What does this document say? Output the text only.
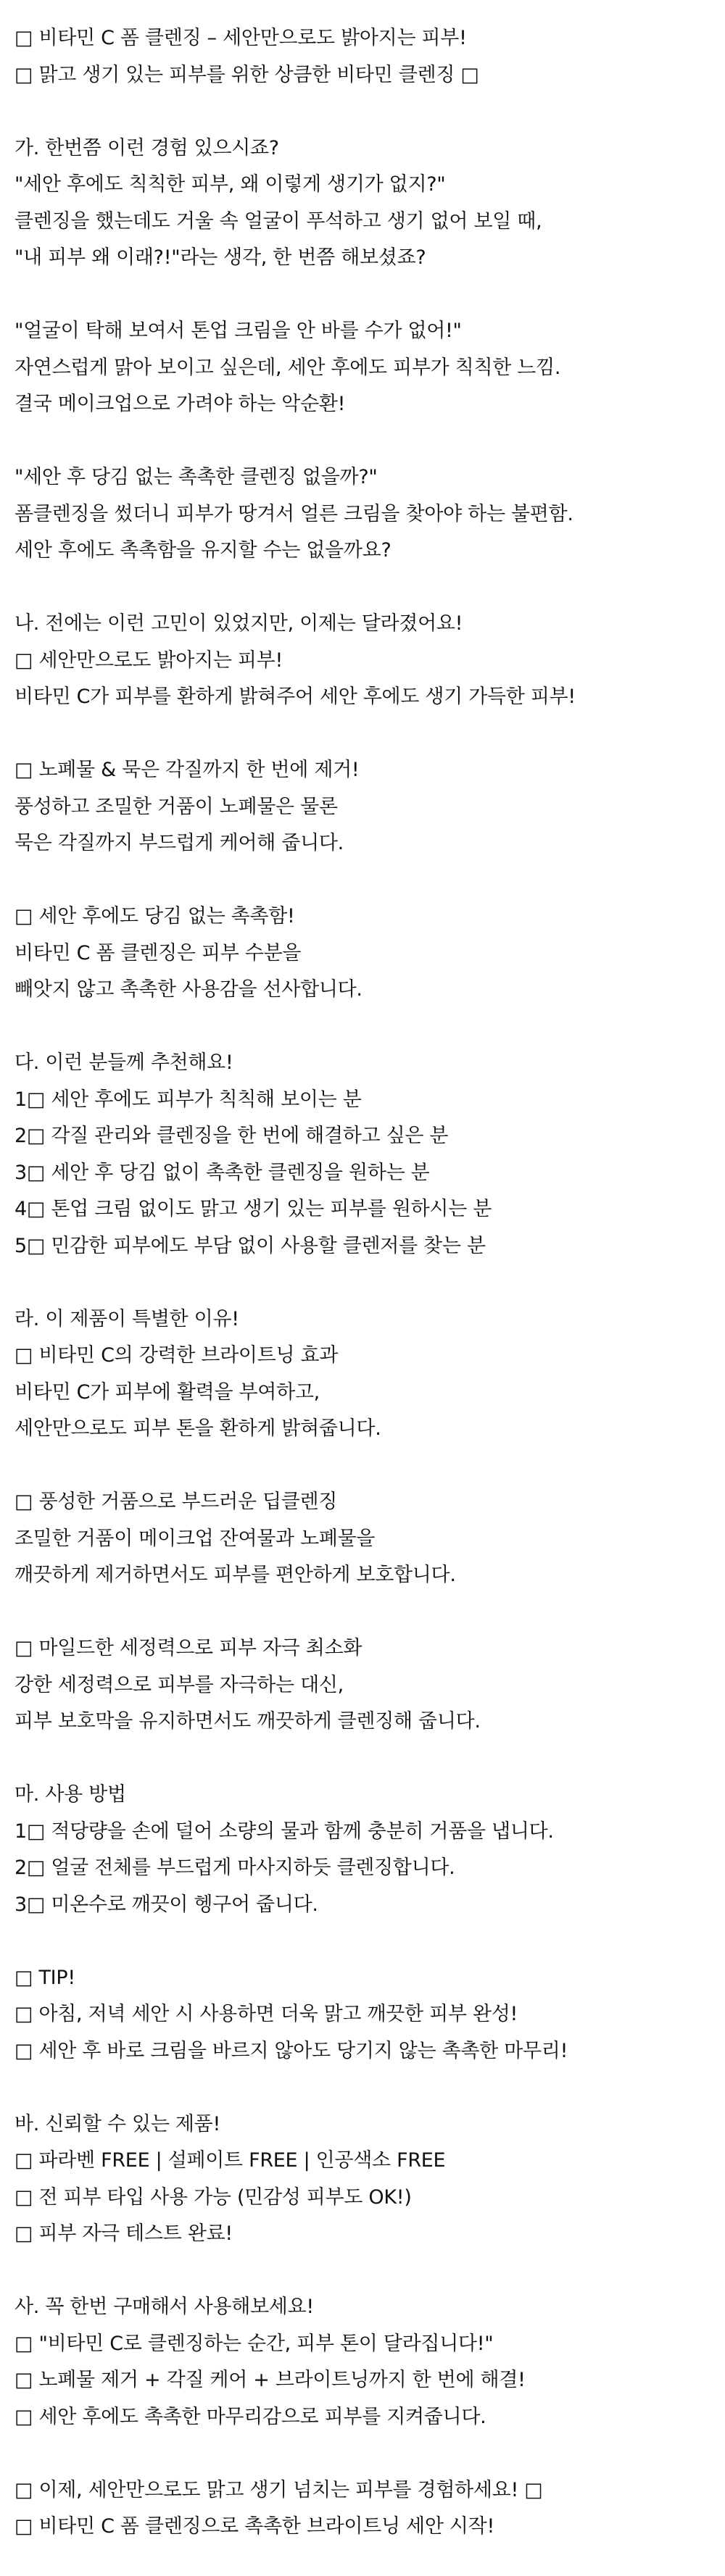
□ 비타민 C 폼 클렌징 – 세안만으로도 밝아지는 피부!
□ 맑고 생기 있는 피부를 위한 상큼한 비타민 클렌징 □
가. 한번쯤 이런 경험 있으시죠?
"세안 후에도 칙칙한 피부, 왜 이렇게 생기가 없지?"
클렌징을 했는데도 거울 속 얼굴이 푸석하고 생기 없어 보일 때,
"내 피부 왜 이래?!"라는 생각, 한 번쯤 해보셨죠?
"얼굴이 탁해 보여서 톤업 크림을 안 바를 수가 없어!"
자연스럽게 맑아 보이고 싶은데, 세안 후에도 피부가 칙칙한 느낌.
결국 메이크업으로 가려야 하는 악순환!
"세안 후 당김 없는 촉촉한 클렌징 없을까?"
폼클렌징을 썼더니 피부가 땅겨서 얼른 크림을 찾아야 하는 불편함.
세안 후에도 촉촉함을 유지할 수는 없을까요?
나. 전에는 이런 고민이 있었지만, 이제는 달라졌어요!
□ 세안만으로도 밝아지는 피부!
비타민 C가 피부를 환하게 밝혀주어 세안 후에도 생기 가득한 피부!
□ 노폐물 & 묵은 각질까지 한 번에 제거!
풍성하고 조밀한 거품이 노폐물은 물론
묵은 각질까지 부드럽게 케어해 줍니다.
□ 세안 후에도 당김 없는 촉촉함!
비타민 C 폼 클렌징은 피부 수분을
빼앗지 않고 촉촉한 사용감을 선사합니다.
다. 이런 분들께 추천해요!
1□ 세안 후에도 피부가 칙칙해 보이는 분
2□ 각질 관리와 클렌징을 한 번에 해결하고 싶은 분
3□ 세안 후 당김 없이 촉촉한 클렌징을 원하는 분
4□ 톤업 크림 없이도 맑고 생기 있는 피부를 원하시는 분
5□ 민감한 피부에도 부담 없이 사용할 클렌저를 찾는 분
라. 이 제품이 특별한 이유!
□ 비타민 C의 강력한 브라이트닝 효과
비타민 C가 피부에 활력을 부여하고,
세안만으로도 피부 톤을 환하게 밝혀줍니다.
□ 풍성한 거품으로 부드러운 딥클렌징
조밀한 거품이 메이크업 잔여물과 노폐물을
깨끗하게 제거하면서도 피부를 편안하게 보호합니다.
□ 마일드한 세정력으로 피부 자극 최소화
강한 세정력으로 피부를 자극하는 대신,
피부 보호막을 유지하면서도 깨끗하게 클렌징해 줍니다.
마. 사용 방법
1□ 적당량을 손에 덜어 소량의 물과 함께 충분히 거품을 냅니다.
2□ 얼굴 전체를 부드럽게 마사지하듯 클렌징합니다.
3□ 미온수로 깨끗이 헹구어 줍니다.
□ TIP!
□ 아침, 저녁 세안 시 사용하면 더욱 맑고 깨끗한 피부 완성!
□ 세안 후 바로 크림을 바르지 않아도 당기지 않는 촉촉한 마무리!
바. 신뢰할 수 있는 제품!
□ 파라벤 FREE | 설페이트 FREE | 인공색소 FREE
□ 전 피부 타입 사용 가능 (민감성 피부도 OK!)
□ 피부 자극 테스트 완료!
사. 꼭 한번 구매해서 사용해보세요!
□ "비타민 C로 클렌징하는 순간, 피부 톤이 달라집니다!"
□ 노폐물 제거 + 각질 케어 + 브라이트닝까지 한 번에 해결!
□ 세안 후에도 촉촉한 마무리감으로 피부를 지켜줍니다.
□ 이제, 세안만으로도 맑고 생기 넘치는 피부를 경험하세요! □
□ 비타민 C 폼 클렌징으로 촉촉한 브라이트닝 세안 시작!
